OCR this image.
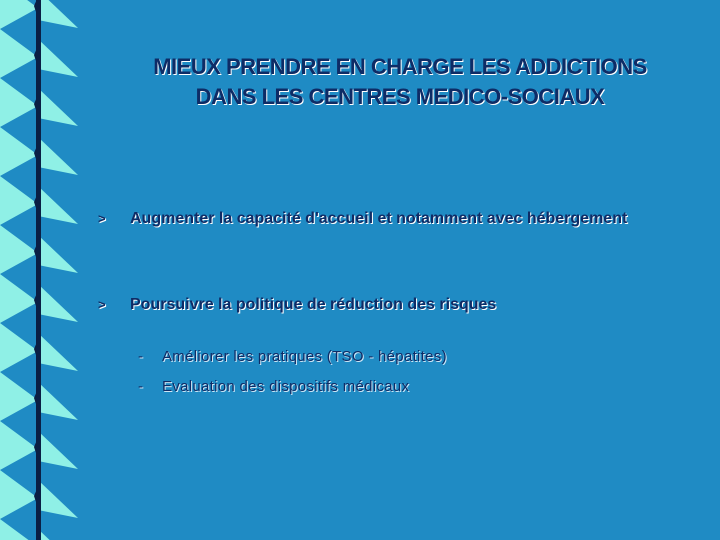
MIEUX PRENDRE EN CHARGE LES ADDICTIONS
DANS LES CENTRES MEDICO-SOCIAUX
> Augmenter la capacité d'accueil et notamment avec hébergement
> Poursuivre la politique de réduction des risques
- Améliorer les pratiques (TSO - hépatites)
- Evaluation des dispositifs médicaux
